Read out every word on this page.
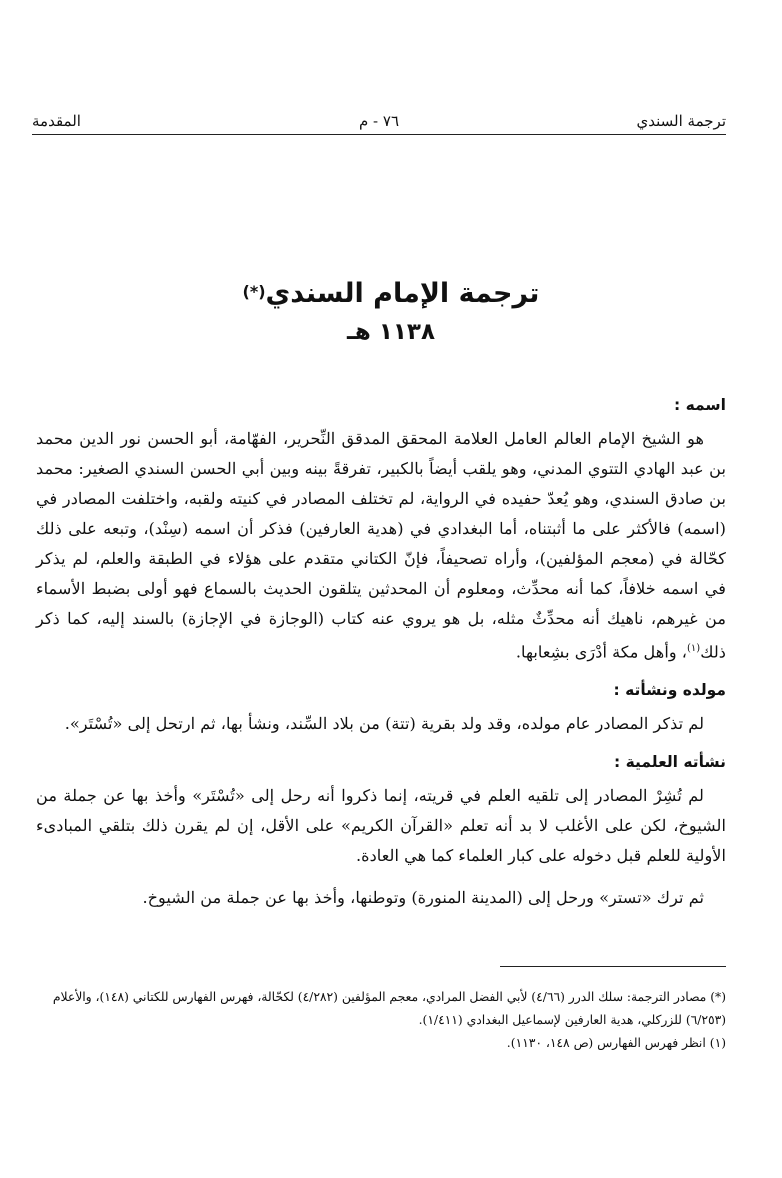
ترجمة السندي
٧٦ - م
المقدمة
ترجمة الإمام السندي(*)
١١٣٨ هـ
اسمه :

هو الشيخ الإمام العالم العامل العلامة المحقق المدقق النِّحرير، الفهّامة، أبو الحسن نور الدين محمد بن عبد الهادي التتوي المدني، وهو يلقب أيضاً بالكبير، تفرقةً بينه وبين أبي الحسن السندي الصغير: محمد بن صادق السندي، وهو يُعدّ حفيده في الرواية، لم تختلف المصادر في كنيته ولقبه، واختلفت المصادر في (اسمه) فالأكثر على ما أثبتناه، أما البغدادي في (هدية العارفين) فذكر أن اسمه (سِنْد)، وتبعه على ذلك كحّالة في (معجم المؤلفين)، وأراه تصحيفاً، فإنّ الكتاني متقدم على هؤلاء في الطبقة والعلم، لم يذكر في اسمه خلافاً، كما أنه محدِّث، ومعلوم أن المحدثين يتلقون الحديث بالسماع فهو أولى بضبط الأسماء من غيرهم، ناهيك أنه محدِّثٌ مثله، بل هو يروي عنه كتاب (الوجازة في الإجازة) بالسند إليه، كما ذكر ذلك$^{(١)}$، وأهل مكة أدْرَى بشِعابها.

مولده ونشأته :

لم تذكر المصادر عام مولده، وقد ولد بقرية (تتة) من بلاد السِّند، ونشأ بها، ثم ارتحل إلى «تُسْتَر».

نشأته العلمية :

لم تُشِرْ المصادر إلى تلقيه العلم في قريته، إنما ذكروا أنه رحل إلى «تُسْتَر» وأخذ بها عن جملة من الشيوخ، لكن على الأغلب لا بد أنه تعلم «القرآن الكريم» على الأقل، إن لم يقرن ذلك بتلقي المبادىء الأولية للعلم قبل دخوله على كبار العلماء كما هي العادة.

ثم ترك «تستر» ورحل إلى (المدينة المنورة) وتوطنها، وأخذ بها عن جملة من الشيوخ.

(*)مصادر الترجمة: سلك الدرر (٤/٦٦) لأبي الفضل المرادي، معجم المؤلفين (٤/٢٨٢) لكحّالة، فهرس الفهارس للكتاني (١٤٨)، والأعلام (٦/٢٥٣) للزركلي، هدية العارفين لإسماعيل البغدادي (١/٤١١).

(١)انظر فهرس الفهارس (ص ١٤٨، ١١٣٠).
